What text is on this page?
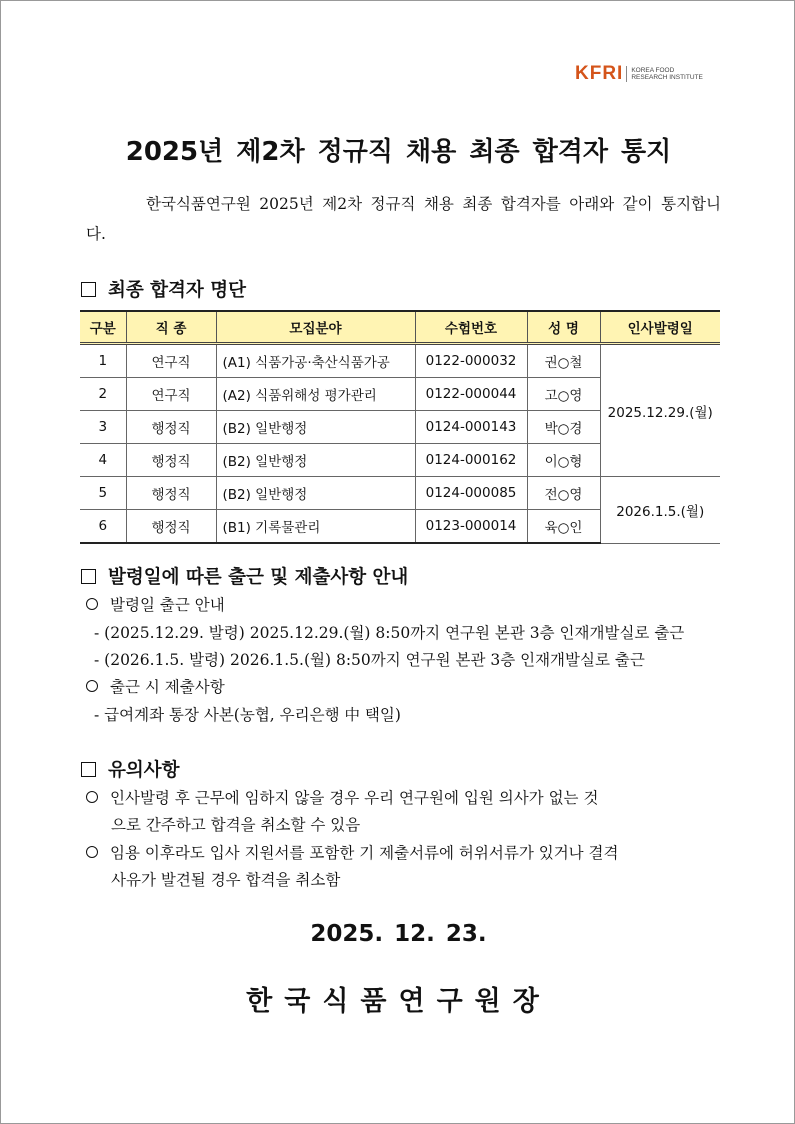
KFRI KOREA FOOD
RESEARCH INSTITUTE
2025년 제2차 정규직 채용 최종 합격자 통지
한국식품연구원 2025년 제2차 정규직 채용 최종 합격자를 아래와 같이 통지합니다.
최종 합격자 명단
구분	직 종	모집분야	수험번호	성 명	인사발령일
1	연구직	(A1) 식품가공·축산식품가공	0122-000032	권○철	2025.12.29.(월)
2	연구직	(A2) 식품위해성 평가관리	0122-000044	고○영	
3	행정직	(B2) 일반행정	0124-000143	박○경	
4	행정직	(B2) 일반행정	0124-000162	이○형	
5	행정직	(B2) 일반행정	0124-000085	전○영	2026.1.5.(월)
6	행정직	(B1) 기록물관리	0123-000014	육○인	
발령일에 따른 출근 및 제출사항 안내
발령일 출근 안내
- (2025.12.29. 발령) 2025.12.29.(월) 8:50까지 연구원 본관 3층 인재개발실로 출근
- (2026.1.5. 발령) 2026.1.5.(월) 8:50까지 연구원 본관 3층 인재개발실로 출근
출근 시 제출사항
- 급여계좌 통장 사본(농협, 우리은행 中 택일)
유의사항
인사발령 후 근무에 임하지 않을 경우 우리 연구원에 입원 의사가 없는 것
으로 간주하고 합격을 취소할 수 있음
임용 이후라도 입사 지원서를 포함한 기 제출서류에 허위서류가 있거나 결격
사유가 발견될 경우 합격을 취소함
2025. 12. 23.
한국식품연구원장
